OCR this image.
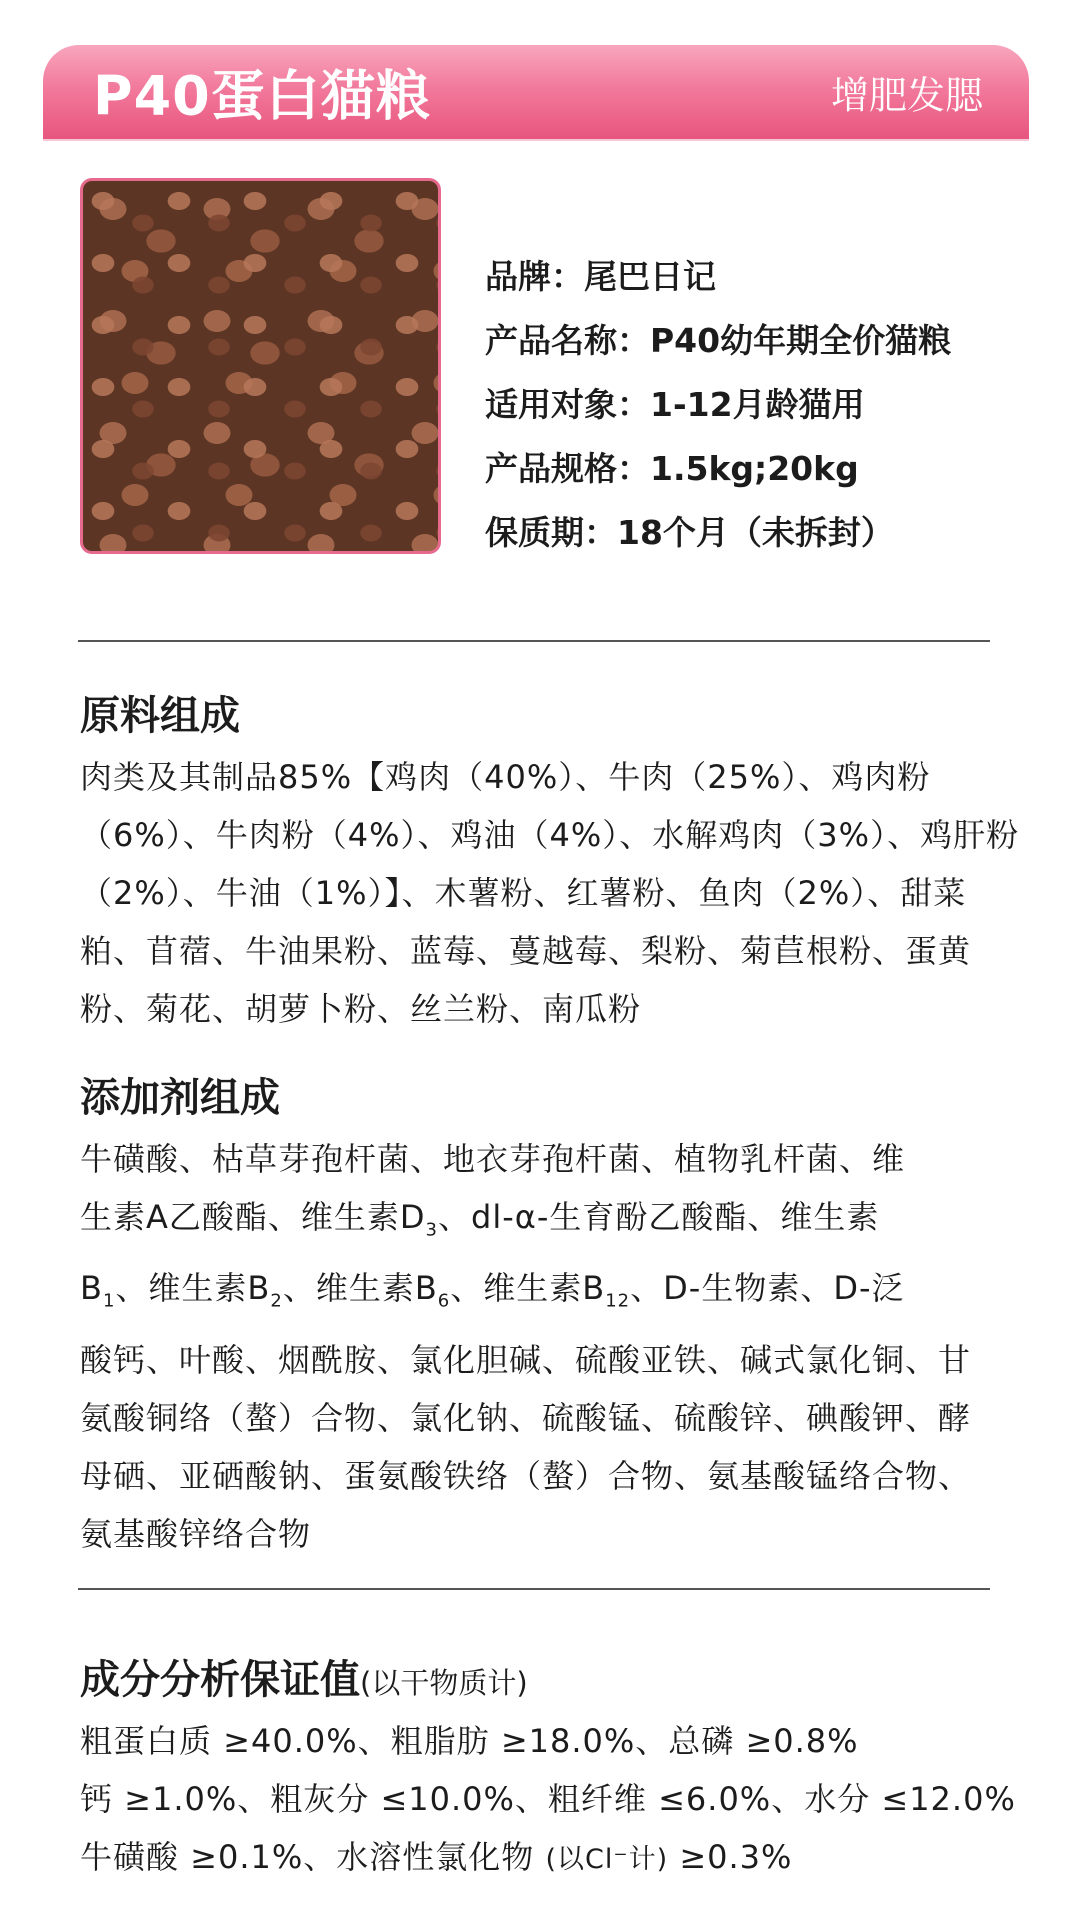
P40蛋白猫粮	增肥发腮
品牌：尾巴日记
产品名称：P40幼年期全价猫粮
适用对象：1-12月龄猫用
产品规格：1.5kg;20kg
保质期：18个月（未拆封）
原料组成

肉类及其制品85%【鸡肉（40%）、牛肉（25%）、鸡肉粉
（6%）、牛肉粉（4%）、鸡油（4%）、水解鸡肉（3%）、鸡肝粉
（2%）、牛油（1%）】、木薯粉、红薯粉、鱼肉（2%）、甜菜
粕、苜蓿、牛油果粉、蓝莓、蔓越莓、梨粉、菊苣根粉、蛋黄
粉、菊花、胡萝卜粉、丝兰粉、南瓜粉

添加剂组成

牛磺酸、枯草芽孢杆菌、地衣芽孢杆菌、植物乳杆菌、维
生素A乙酸酯、维生素$D_3$、dl-α-生育酚乙酸酯、维生素
$B_1$、维生素$B_2$、维生素$B_6$、维生素$B_{12}$、D-生物素、D-泛
酸钙、叶酸、烟酰胺、氯化胆碱、硫酸亚铁、碱式氯化铜、甘
氨酸铜络（螯）合物、氯化钠、硫酸锰、硫酸锌、碘酸钾、酵
母硒、亚硒酸钠、蛋氨酸铁络（螯）合物、氨基酸锰络合物、
氨基酸锌络合物

成分分析保证值(以干物质计)

粗蛋白质 ≥40.0%、粗脂肪 ≥18.0%、总磷 ≥0.8%
钙 ≥1.0%、粗灰分 ≤10.0%、粗纤维 ≤6.0%、水分 ≤12.0%
牛磺酸 ≥0.1%、水溶性氯化物 (以Cl⁻计) ≥0.3%
